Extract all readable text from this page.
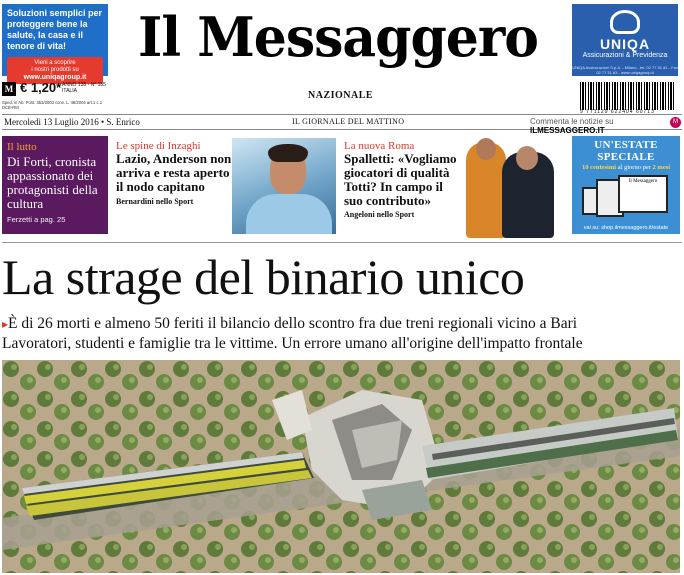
Soluzioni semplici per proteggere bene la salute, la casa e il tenore di vita!
Vieni a scoprire
i nostri prodotti su
www.uniqagroup.it
Il Messaggero
NAZIONALE
UNIQA
Assicurazioni & Previdenza
UNIQA Assicurazioni S.p.A. - Milano - tel. 02 77 31 81 - Fax 02 77 31 83 - www.uniqagroup.it
M € 1,20* ANNO 138 - N° 185
ITALIA
Sped. in Ab. Post. 353/2003 conv. L. 46/2004 art.1 c.1 DCB-RM
9 771129 622404 60713
Mercoledì 13 Luglio 2016 • S. Enrico	IL GIORNALE DEL MATTINO	Commenta le notizie su ILMESSAGGERO.IT
M
Il lutto
Di Forti, cronista appassionato dei protagonisti della cultura
Ferzetti a pag. 25
Le spine di Inzaghi
Lazio, Anderson non arriva e resta aperto il nodo capitano
Bernardini nello Sport
La nuova Roma
Spalletti: «Vogliamo giocatori di qualità Totti? In campo il suo contributo»
Angeloni nello Sport
UN'ESTATE SPECIALE
10 centesimi al giorno per 2 mesi
Il Messaggero
vai su: shop.ilmessaggero.it/estate
La strage del binario unico
▸È di 26 morti e almeno 50 feriti il bilancio dello scontro fra due treni regionali vicino a Bari
Lavoratori, studenti e famiglie tra le vittime. Un errore umano all'origine dell'impatto frontale
